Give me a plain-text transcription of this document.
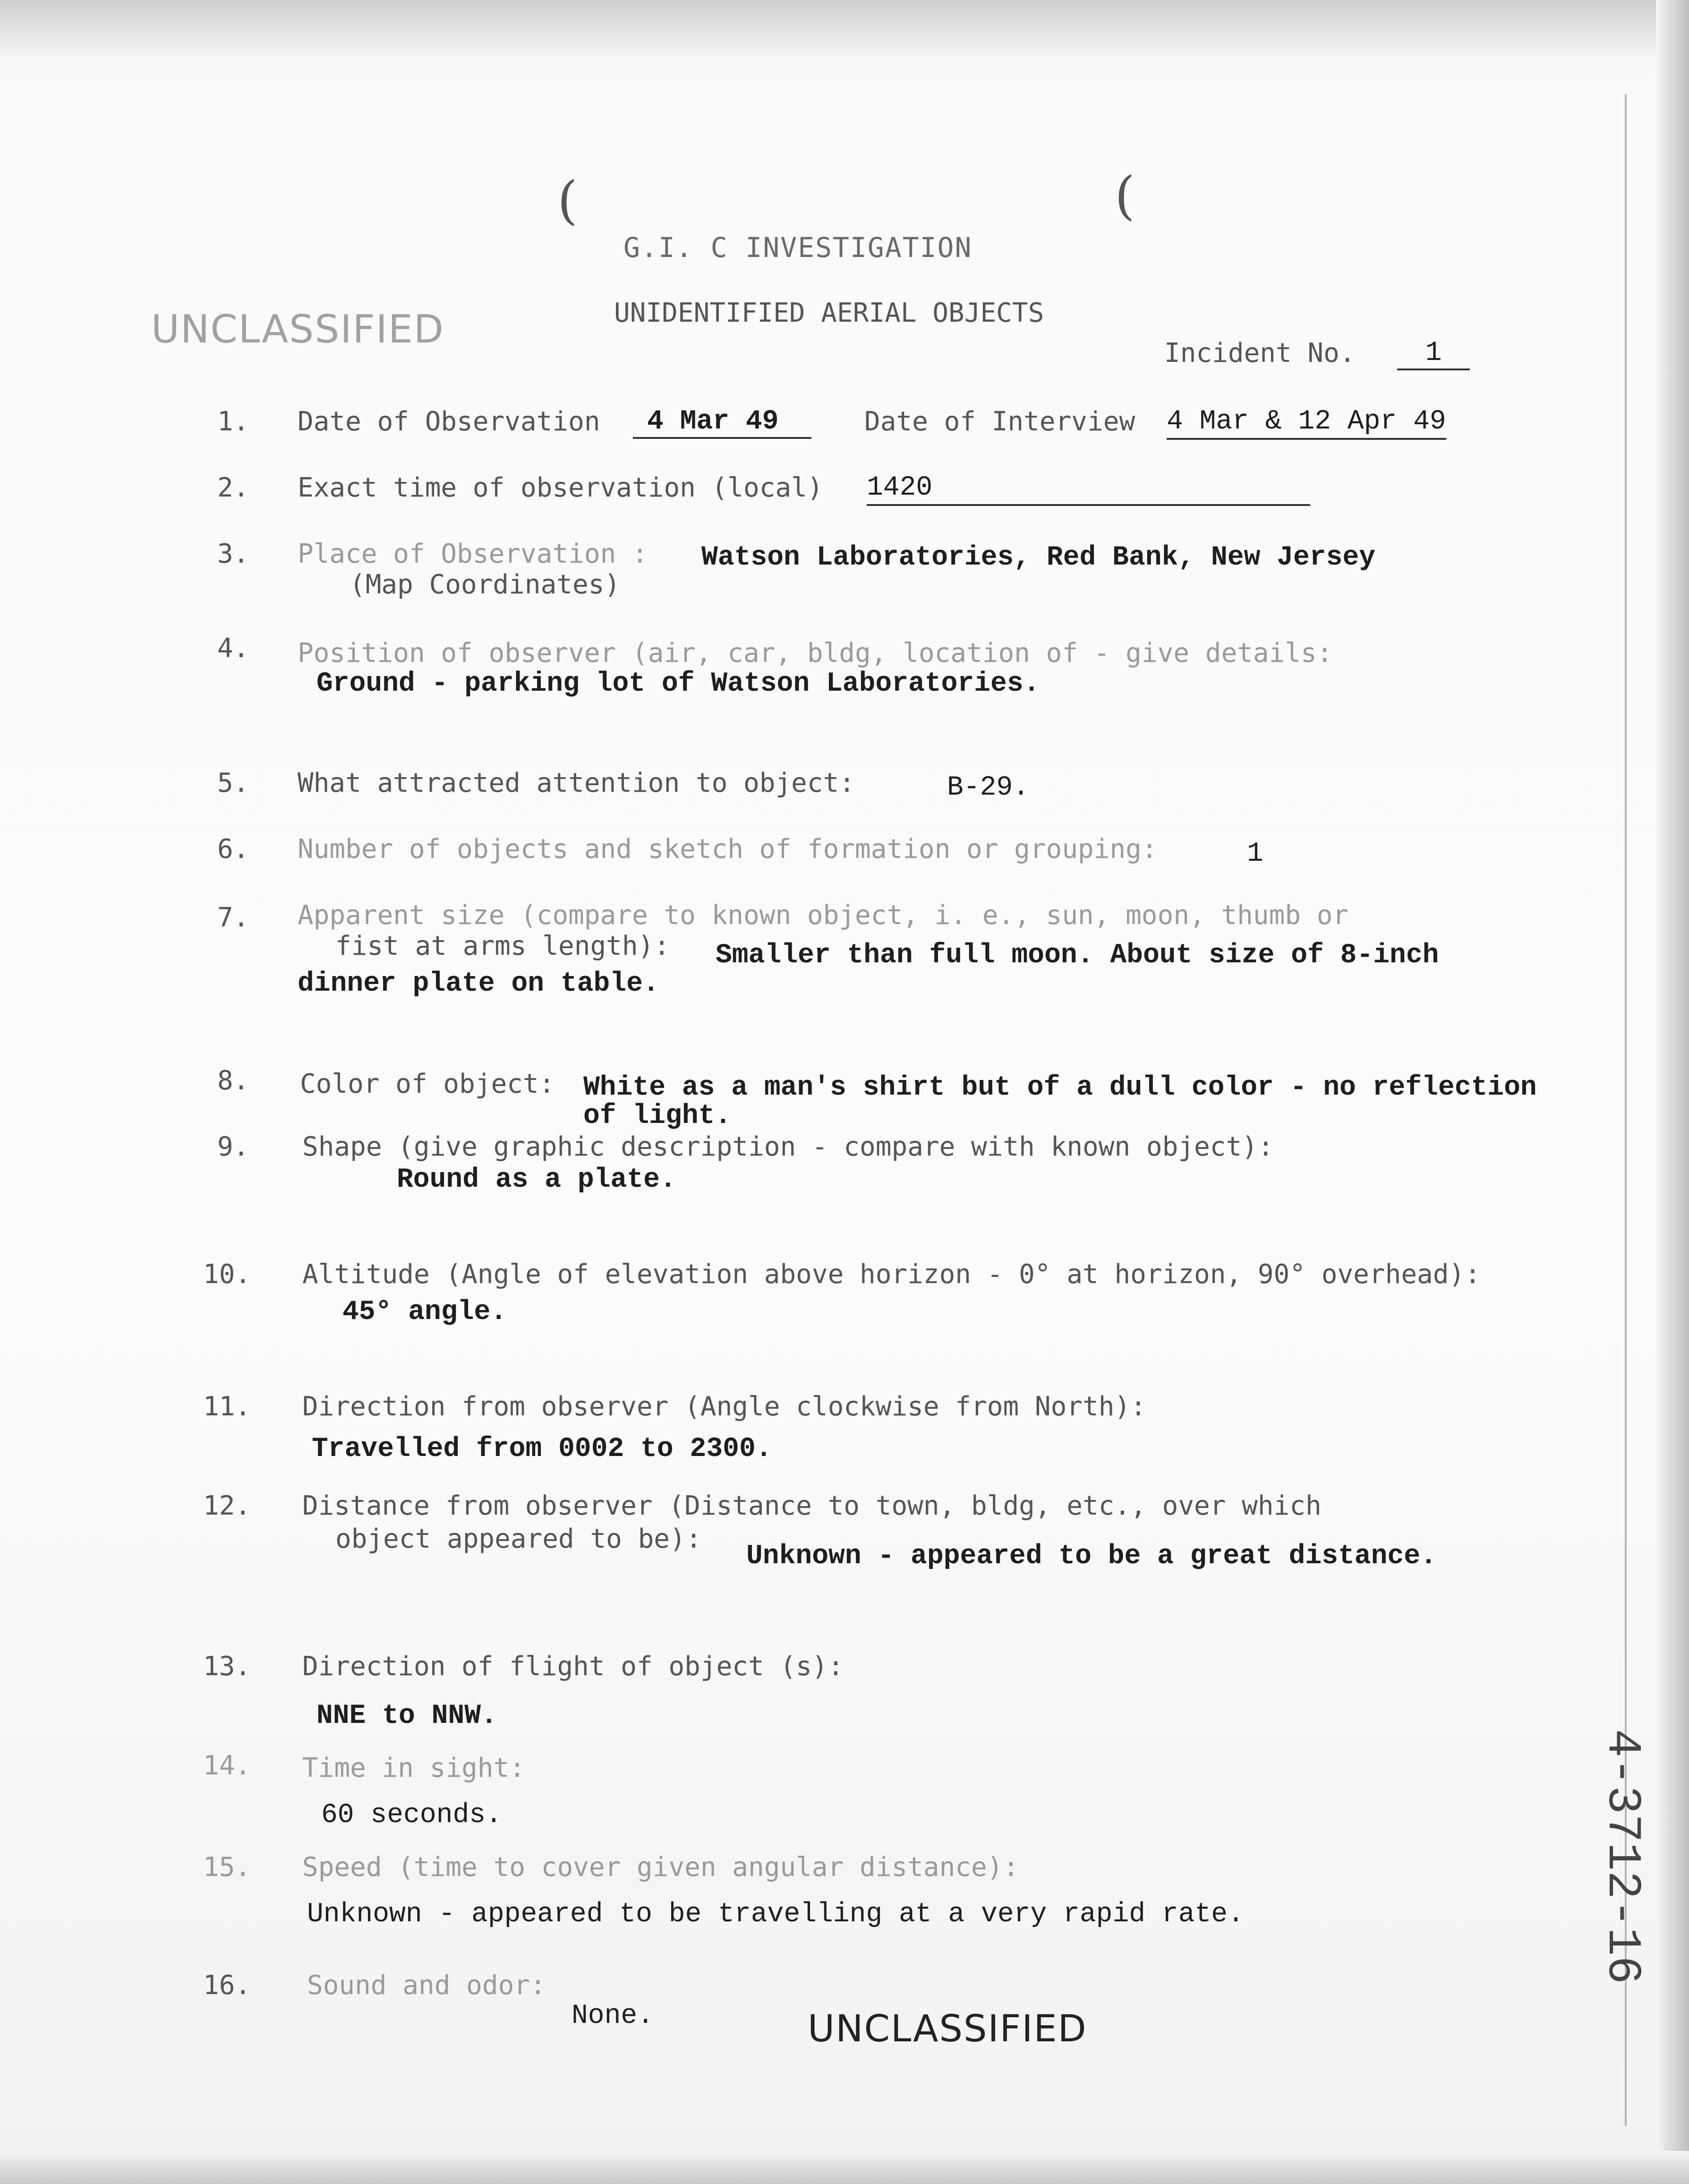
(	(
G.I. C INVESTIGATION
UNIDENTIFIED AERIAL OBJECTS
UNCLASSIFIED
Incident No.	1
1. Date of Observation	4 Mar 49	Date of Interview 4 Mar & 12 Apr 49
2. Exact time of observation (local) 1420
3. Place of Observation :
(Map Coordinates)
Watson Laboratories, Red Bank, New Jersey
4. Position of observer (air, car, bldg, location of - give details:
Ground - parking lot of Watson Laboratories.
5. What attracted attention to object:	B-29.
6. Number of objects and sketch of formation or grouping:	1
7. Apparent size (compare to known object, i. e., sun, moon, thumb or
fist at arms length): Smaller than full moon. About size of 8-inch
dinner plate on table.
8. Color of object: White as a man's shirt but of a dull color - no reflection
of light.
9. Shape (give graphic description - compare with known object):
Round as a plate.
10. Altitude (Angle of elevation above horizon - 0° at horizon, 90° overhead):
45° angle.
11. Direction from observer (Angle clockwise from North):
Travelled from 0002 to 2300.
12. Distance from observer (Distance to town, bldg, etc., over which
object appeared to be):
Unknown - appeared to be a great distance.
13. Direction of flight of object (s):
NNE to NNW.
14. Time in sight:
60 seconds.
15. Speed (time to cover given angular distance):
Unknown - appeared to be travelling at a very rapid rate.
16. Sound and odor:
None.	UNCLASSIFIED
4-3712-16
